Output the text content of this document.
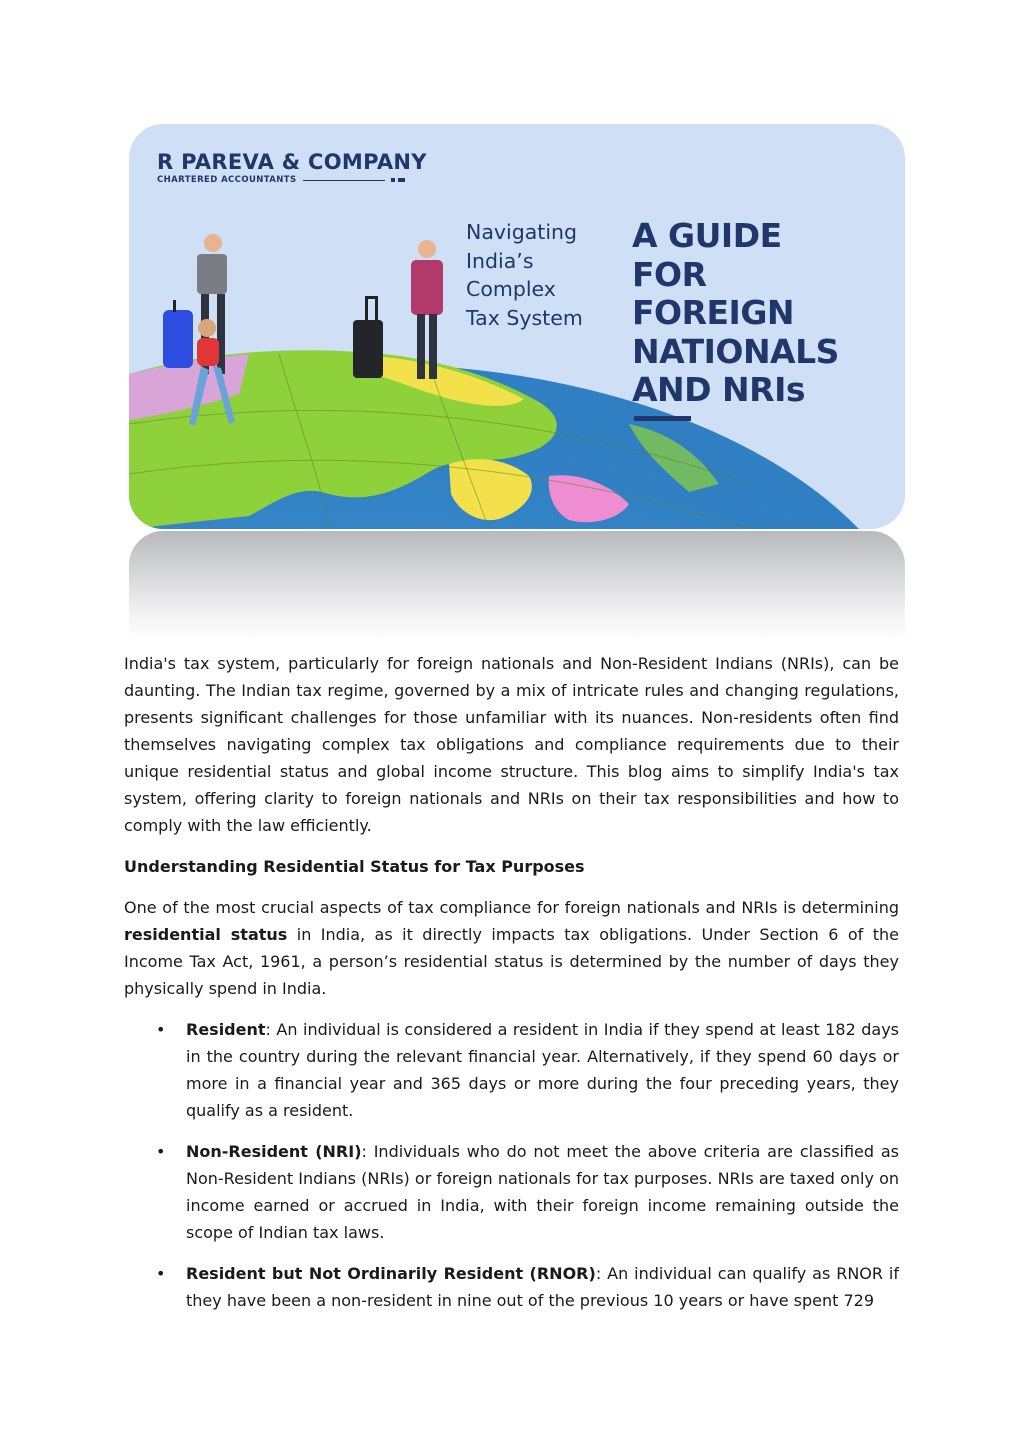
R PAREVA & COMPANY
CHARTERED ACCOUNTANTS
Navigating
India’s
Complex
Tax System
A GUIDE
FOR
FOREIGN
NATIONALS
AND NRIs

India's tax system, particularly for foreign nationals and Non-Resident Indians (NRIs), can be daunting. The Indian tax regime, governed by a mix of intricate rules and changing regulations, presents significant challenges for those unfamiliar with its nuances. Non-residents often find themselves navigating complex tax obligations and compliance requirements due to their unique residential status and global income structure. This blog aims to simplify India's tax system, offering clarity to foreign nationals and NRIs on their tax responsibilities and how to comply with the law efficiently.

Understanding Residential Status for Tax Purposes

One of the most crucial aspects of tax compliance for foreign nationals and NRIs is determining residential status in India, as it directly impacts tax obligations. Under Section 6 of the Income Tax Act, 1961, a person’s residential status is determined by the number of days they physically spend in India.

• Resident: An individual is considered a resident in India if they spend at least 182 days in the country during the relevant financial year. Alternatively, if they spend 60 days or more in a financial year and 365 days or more during the four preceding years, they qualify as a resident.
• Non-Resident (NRI): Individuals who do not meet the above criteria are classified as Non-Resident Indians (NRIs) or foreign nationals for tax purposes. NRIs are taxed only on income earned or accrued in India, with their foreign income remaining outside the scope of Indian tax laws.
• Resident but Not Ordinarily Resident (RNOR): An individual can qualify as RNOR if they have been a non-resident in nine out of the previous 10 years or have spent 729
